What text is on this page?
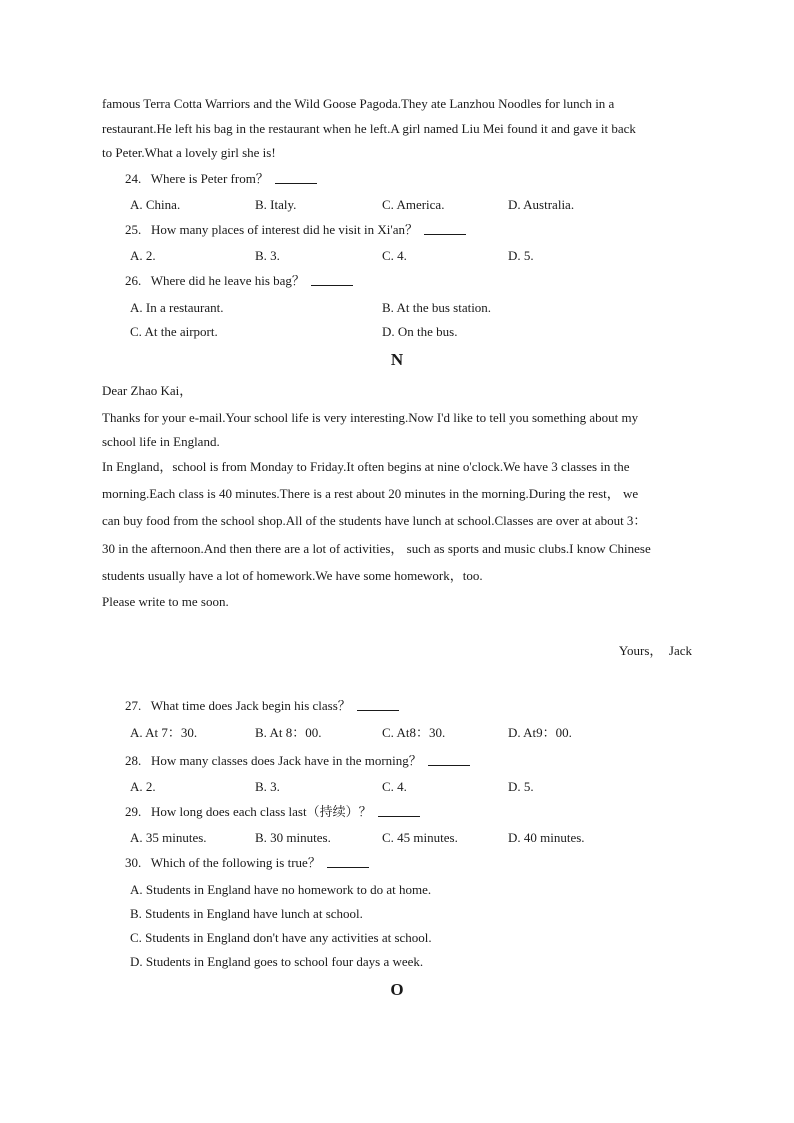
famous Terra Cotta Warriors and the Wild Goose Pagoda.They ate Lanzhou Noodles for lunch in a
restaurant.He left his bag in the restaurant when he left.A girl named Liu Mei found it and gave it back
to Peter.What a lovely girl she is!
24.   Where is Peter from？
A. China.	B. Italy.	C. America.	D. Australia.
25.   How many places of interest did he visit in Xi'an？
A. 2.	B. 3.	C. 4.	D. 5.
26.   Where did he leave his bag？
A. In a restaurant.	B. At the bus station.
C. At the airport.	D. On the bus.
N
Dear Zhao Kai，
Thanks for your e-mail.Your school life is very interesting.Now I'd like to tell you something about my
school life in England.
In England，school is from Monday to Friday.It often begins at nine o'clock.We have 3 classes in the
morning.Each class is 40 minutes.There is a rest about 20 minutes in the morning.During the rest， we
can buy food from the school shop.All of the students have lunch at school.Classes are over at about 3：
30 in the afternoon.And then there are a lot of activities， such as sports and music clubs.I know Chinese
students usually have a lot of homework.We have some homework，too.
Please write to me soon.
Yours，  Jack
27.   What time does Jack begin his class？
A. At 7：30.	B. At 8：00.	C. At8：30.	D. At9：00.
28.   How many classes does Jack have in the morning？
A. 2.	B. 3.	C. 4.	D. 5.
29.   How long does each class last（持续）？
A. 35 minutes.	B. 30 minutes.	C. 45 minutes.	D. 40 minutes.
30.   Which of the following is true？
A. Students in England have no homework to do at home.
B. Students in England have lunch at school.
C. Students in England don't have any activities at school.
D. Students in England goes to school four days a week.
O
